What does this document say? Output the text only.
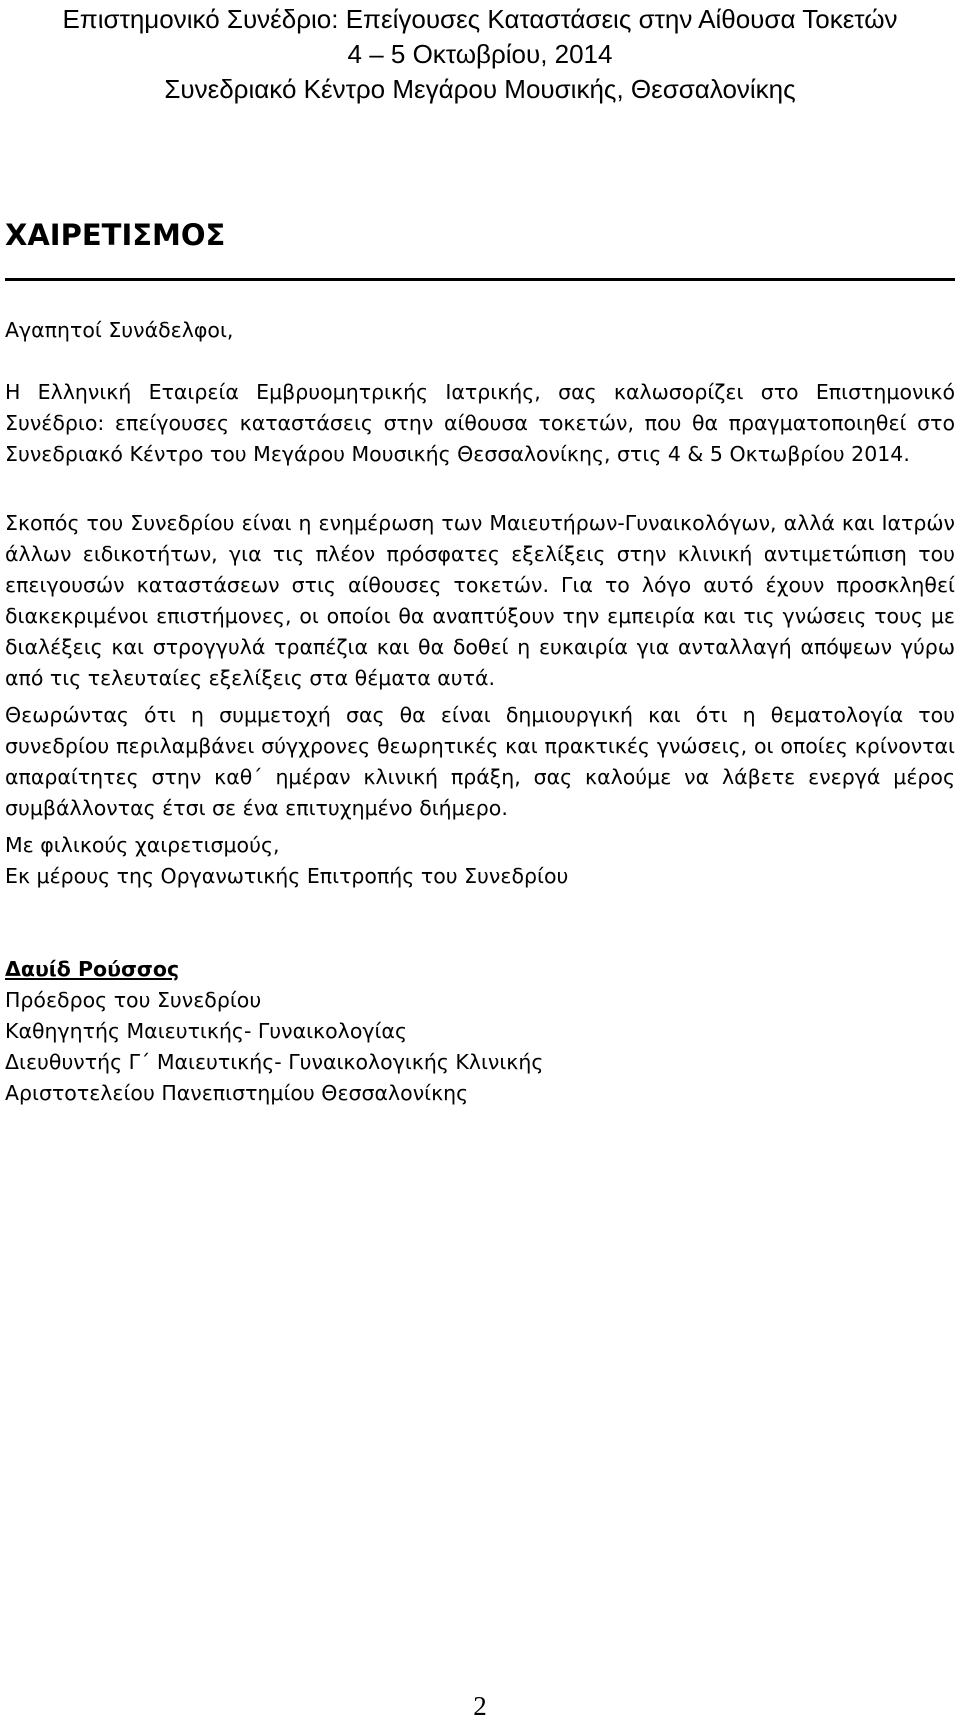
Επιστημονικό Συνέδριο: Επείγουσες Καταστάσεις στην Αίθουσα Τοκετών
4 – 5 Οκτωβρίου, 2014
Συνεδριακό Κέντρο Μεγάρου Μουσικής, Θεσσαλονίκης
ΧΑΙΡΕΤΙΣΜΟΣ
Αγαπητοί Συνάδελφοι,

Η Ελληνική Εταιρεία Εμβρυομητρικής Ιατρικής, σας καλωσορίζει στο Επιστημονικό Συνέδριο: επείγουσες καταστάσεις στην αίθουσα τοκετών, που θα πραγματοποιηθεί στο Συνεδριακό Κέντρο του Μεγάρου Μουσικής Θεσσαλονίκης, στις 4 & 5 Οκτωβρίου 2014.

Σκοπός του Συνεδρίου είναι η ενημέρωση των Μαιευτήρων-Γυναικολόγων, αλλά και Ιατρών άλλων ειδικοτήτων, για τις πλέον πρόσφατες εξελίξεις στην κλινική αντιμετώπιση του επειγουσών καταστάσεων στις αίθουσες τοκετών. Για το λόγο αυτό έχουν προσκληθεί διακεκριμένοι επιστήμονες, οι οποίοι θα αναπτύξουν την εμπειρία και τις γνώσεις τους με διαλέξεις και στρογγυλά τραπέζια και θα δοθεί η ευκαιρία για ανταλλαγή απόψεων γύρω από τις τελευταίες εξελίξεις στα θέματα αυτά.

Θεωρώντας ότι η συμμετοχή σας θα είναι δημιουργική και ότι η θεματολογία του συνεδρίου περιλαμβάνει σύγχρονες θεωρητικές και πρακτικές γνώσεις, οι οποίες κρίνονται απαραίτητες στην καθ΄ ημέραν κλινική πράξη, σας καλούμε να λάβετε ενεργά μέρος συμβάλλοντας έτσι σε ένα επιτυχημένο διήμερο.

Με φιλικούς χαιρετισμούς,
Εκ μέρους της Οργανωτικής Επιτροπής του Συνεδρίου
Δαυίδ Ρούσσος
Πρόεδρος του Συνεδρίου
Καθηγητής Μαιευτικής- Γυναικολογίας
Διευθυντής Γ΄ Μαιευτικής- Γυναικολογικής Κλινικής
Αριστοτελείου Πανεπιστημίου Θεσσαλονίκης
2
